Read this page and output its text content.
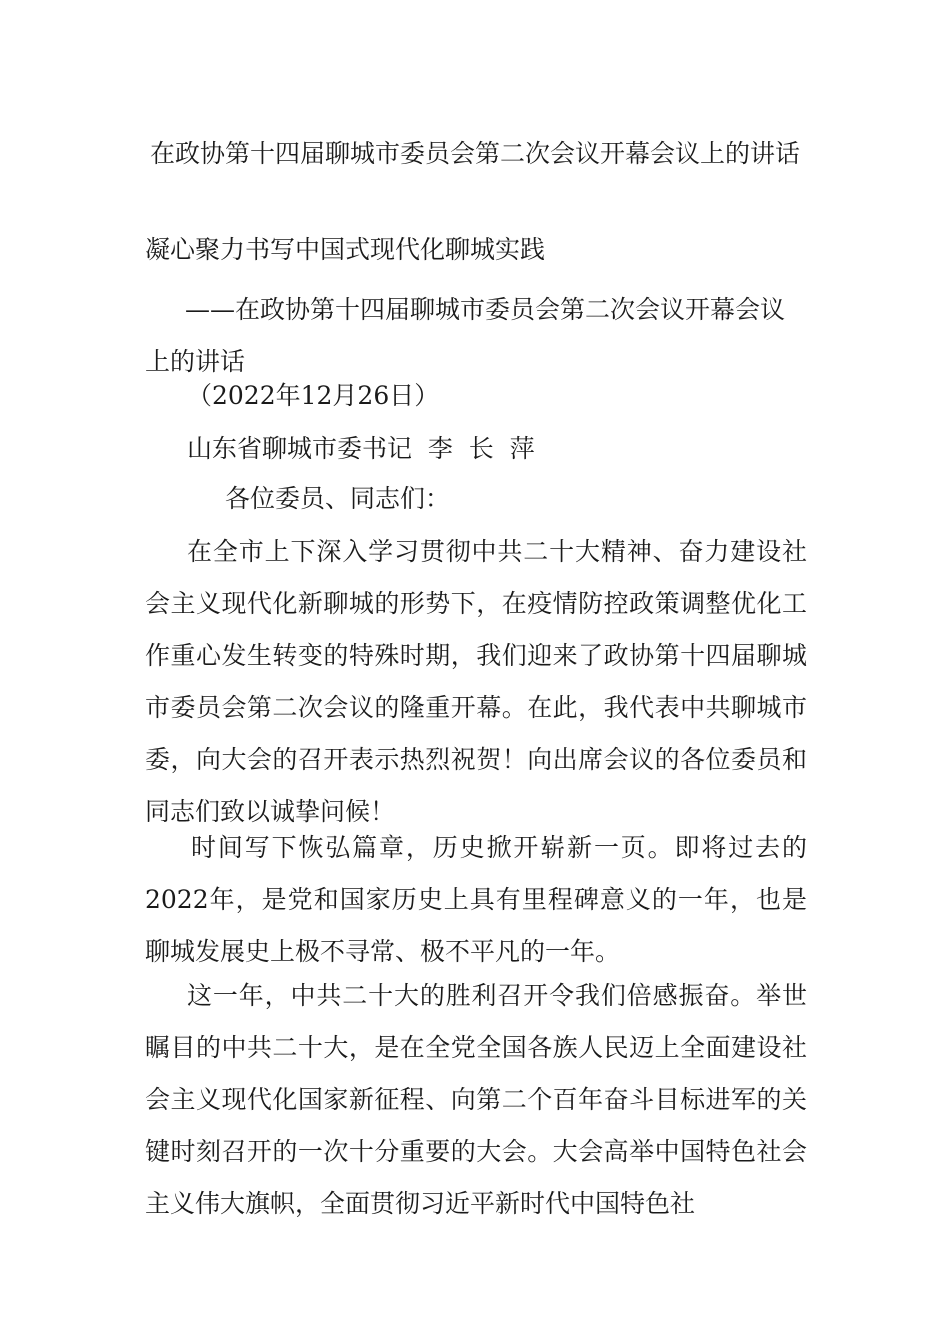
在政协第十四届聊城市委员会第二次会议开幕会议上的讲话
凝心聚力书写中国式现代化聊城实践
——在政协第十四届聊城市委员会第二次会议开幕会议上的讲话
（2022年12月26日）
山东省聊城市委书记  李  长  萍
各位委员、同志们：
在全市上下深入学习贯彻中共二十大精神、奋力建设社会主义现代化新聊城的形势下，在疫情防控政策调整优化工作重心发生转变的特殊时期，我们迎来了政协第十四届聊城市委员会第二次会议的隆重开幕。在此，我代表中共聊城市委，向大会的召开表示热烈祝贺！向出席会议的各位委员和同志们致以诚挚问候！
时间写下恢弘篇章，历史掀开崭新一页。即将过去的2022年，是党和国家历史上具有里程碑意义的一年，也是聊城发展史上极不寻常、极不平凡的一年。
这一年，中共二十大的胜利召开令我们倍感振奋。举世瞩目的中共二十大，是在全党全国各族人民迈上全面建设社会主义现代化国家新征程、向第二个百年奋斗目标进军的关键时刻召开的一次十分重要的大会。大会高举中国特色社会主义伟大旗帜，全面贯彻习近平新时代中国特色社
